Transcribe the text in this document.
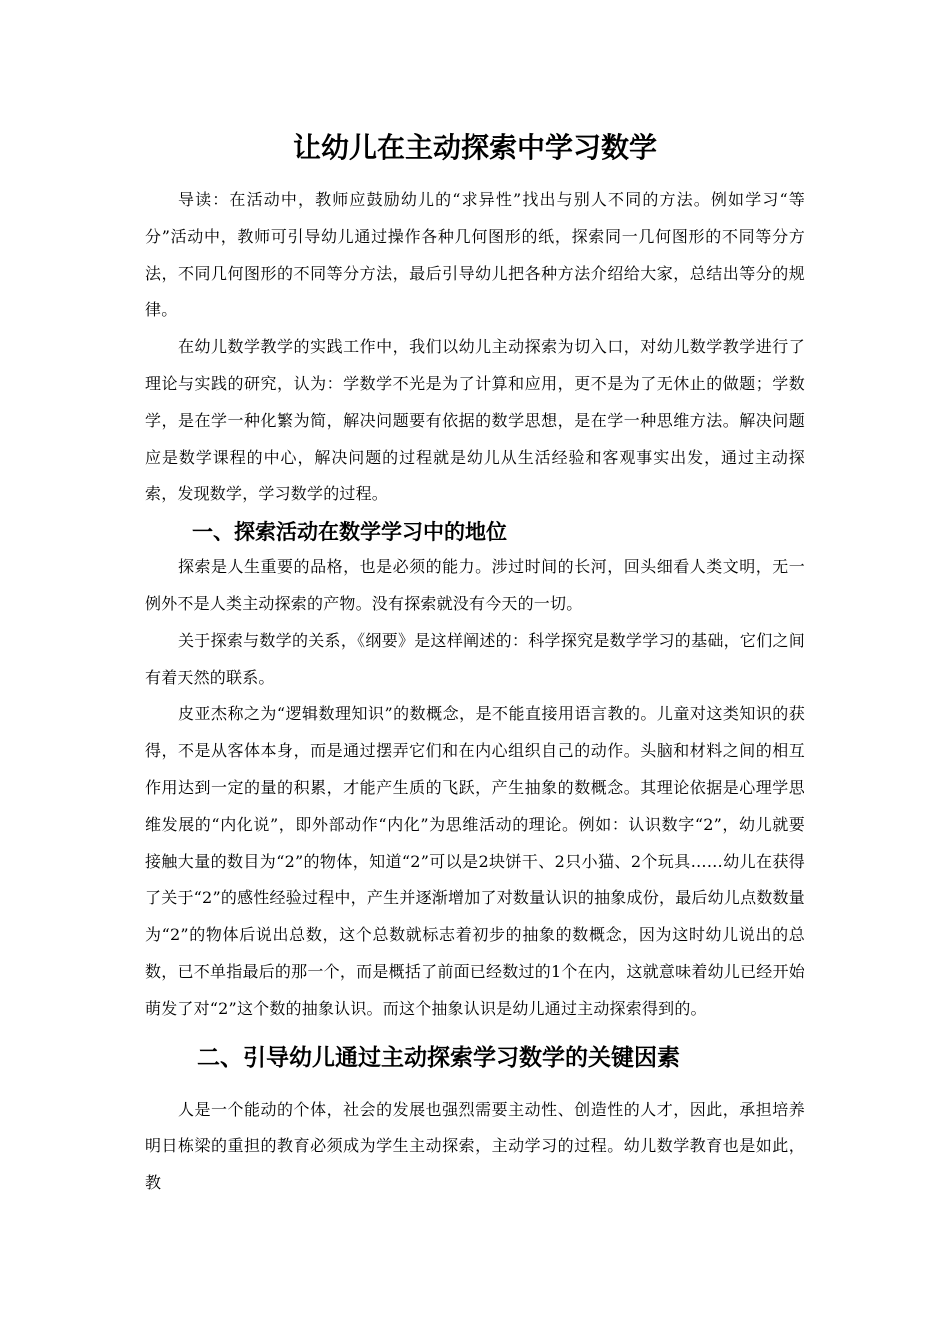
让幼儿在主动探索中学习数学

导读：在活动中，教师应鼓励幼儿的“求异性”找出与别人不同的方法。例如学习“等分”活动中，教师可引导幼儿通过操作各种几何图形的纸，探索同一几何图形的不同等分方法，不同几何图形的不同等分方法，最后引导幼儿把各种方法介绍给大家，总结出等分的规律。

在幼儿数学教学的实践工作中，我们以幼儿主动探索为切入口，对幼儿数学教学进行了理论与实践的研究，认为：学数学不光是为了计算和应用，更不是为了无休止的做题；学数学，是在学一种化繁为简，解决问题要有依据的数学思想，是在学一种思维方法。解决问题应是数学课程的中心，解决问题的过程就是幼儿从生活经验和客观事实出发，通过主动探索，发现数学，学习数学的过程。

一、探索活动在数学学习中的地位

探索是人生重要的品格，也是必须的能力。涉过时间的长河，回头细看人类文明，无一例外不是人类主动探索的产物。没有探索就没有今天的一切。

关于探索与数学的关系，《纲要》是这样阐述的：科学探究是数学学习的基础，它们之间有着天然的联系。

皮亚杰称之为“逻辑数理知识”的数概念，是不能直接用语言教的。儿童对这类知识的获得，不是从客体本身，而是通过摆弄它们和在内心组织自己的动作。头脑和材料之间的相互作用达到一定的量的积累，才能产生质的飞跃，产生抽象的数概念。其理论依据是心理学思维发展的“内化说”，即外部动作“内化”为思维活动的理论。例如：认识数字“2”，幼儿就要接触大量的数目为“2”的物体，知道“2”可以是2块饼干、2只小猫、2个玩具……幼儿在获得了关于“2”的感性经验过程中，产生并逐渐增加了对数量认识的抽象成份，最后幼儿点数数量为“2”的物体后说出总数，这个总数就标志着初步的抽象的数概念，因为这时幼儿说出的总数，已不单指最后的那一个，而是概括了前面已经数过的1个在内，这就意味着幼儿已经开始萌发了对“2”这个数的抽象认识。而这个抽象认识是幼儿通过主动探索得到的。

二、引导幼儿通过主动探索学习数学的关键因素

人是一个能动的个体，社会的发展也强烈需要主动性、创造性的人才，因此，承担培养明日栋梁的重担的教育必须成为学生主动探索，主动学习的过程。幼儿数学教育也是如此，教
